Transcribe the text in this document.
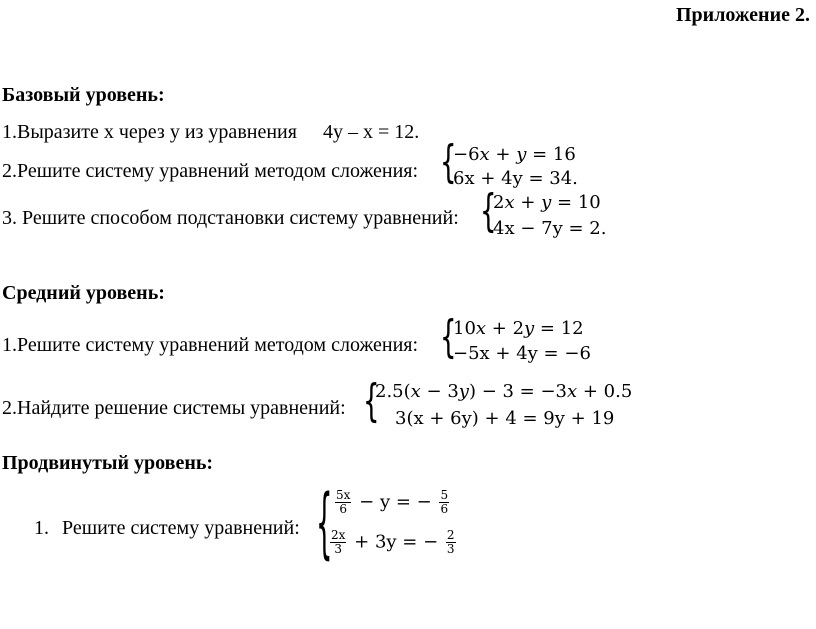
Приложение 2.
Базовый уровень:
1.Выразите х через у из уравнения 4у – х = 12.
2.Решите систему уравнений методом сложения: {
−6𝑥 + 𝑦 = 16
6x + 4y = 34.
3. Решите способом подстановки систему уравнений: {
2𝑥 + 𝑦 = 10
4x − 7y = 2.
Средний уровень:
1.Решите систему уравнений методом сложения: {
10𝑥 + 2𝑦 = 12
−5x + 4y = −6
2.Найдите решение системы уравнений: {
2.5(𝑥 − 3𝑦) − 3 = −3𝑥 + 0.5
3(x + 6y) + 4 = 9y + 19
Продвинутый уровень:
1. Решите систему уравнений: { $\frac{5x}{6} - y$ = − $\frac{5}{6}$
$\frac{2x}{3} + 3y$ = − $\frac{2}{3}$
